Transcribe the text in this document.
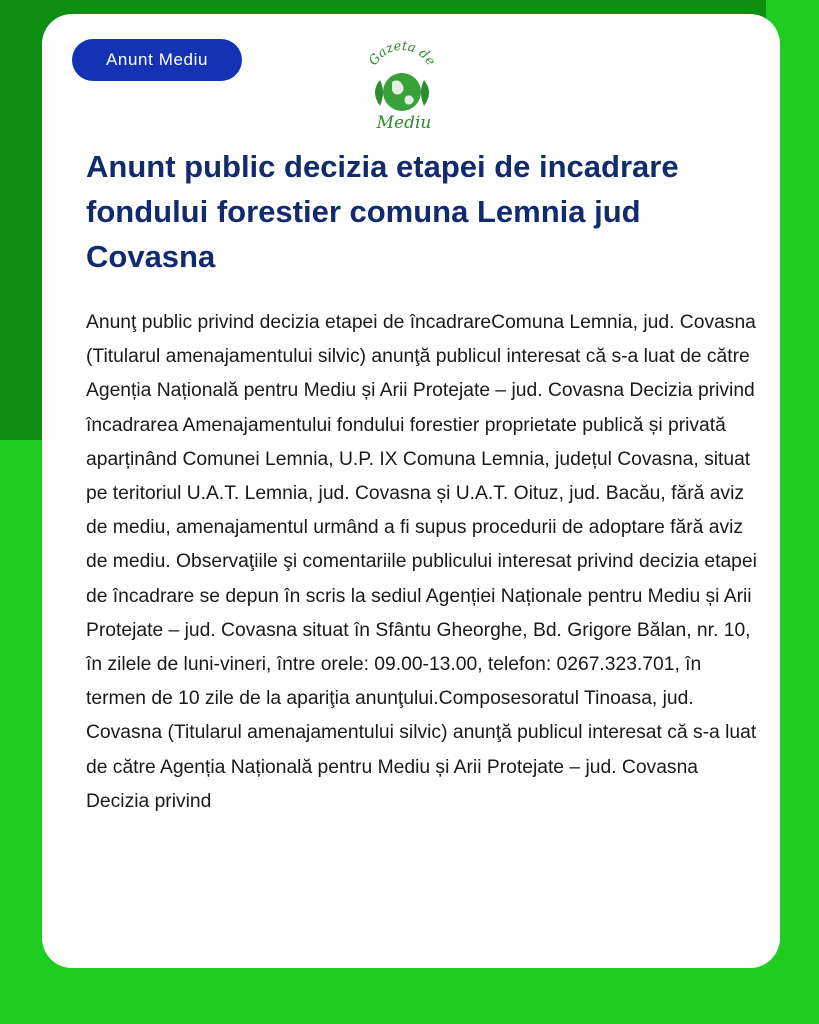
Anunt Mediu	Gazeta de
Mediu
Anunt public decizia etapei de incadrare fondului forestier comuna Lemnia jud Covasna

Anunţ public privind decizia etapei de încadrareComuna Lemnia, jud. Covasna (Titularul amenajamentului silvic) anunţă publicul interesat că s-a luat de către Agenția Națională pentru Mediu și Arii Protejate – jud. Covasna Decizia privind încadrarea Amenajamentului fondului forestier proprietate publică și privată aparținând Comunei Lemnia, U.P. IX Comuna Lemnia, județul Covasna, situat pe teritoriul U.A.T. Lemnia, jud. Covasna și U.A.T. Oituz, jud. Bacău, fără aviz de mediu, amenajamentul urmând a fi supus procedurii de adoptare fără aviz de mediu. Observaţiile şi comentariile publicului interesat privind decizia etapei de încadrare se depun în scris la sediul Agenției Naționale pentru Mediu și Arii Protejate – jud. Covasna situat în Sfântu Gheorghe, Bd. Grigore Bălan, nr. 10, în zilele de luni-vineri, între orele: 09.00-13.00, telefon: 0267.323.701, în termen de 10 zile de la apariţia anunţului.Composesoratul Tinoasa, jud. Covasna (Titularul amenajamentului silvic) anunţă publicul interesat că s-a luat de către Agenția Națională pentru Mediu și Arii Protejate – jud. Covasna Decizia privind
